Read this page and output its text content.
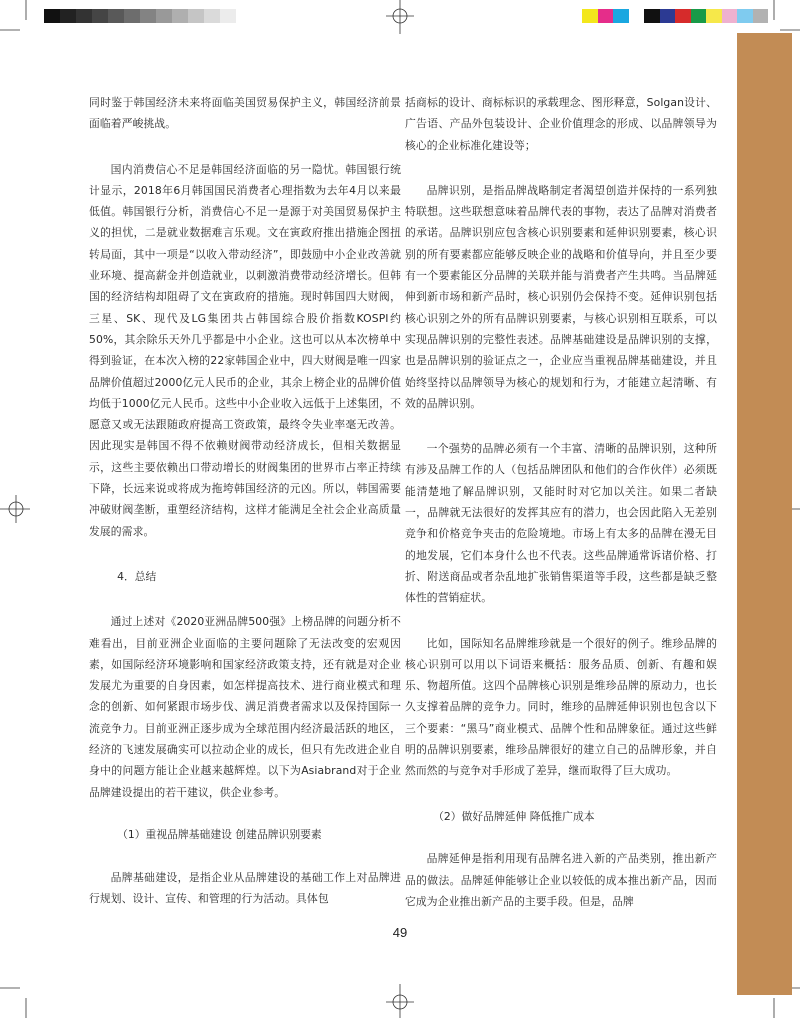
同时鉴于韩国经济未来将面临美国贸易保护主义，韩国经济前景面临着严峻挑战。

国内消费信心不足是韩国经济面临的另一隐忧。韩国银行统计显示，2018年6月韩国国民消费者心理指数为去年4月以来最低值。韩国银行分析，消费信心不足一是源于对美国贸易保护主义的担忧，二是就业数据难言乐观。文在寅政府推出措施企图扭转局面，其中一项是“以收入带动经济”，即鼓励中小企业改善就业环境、提高薪金并创造就业，以刺激消费带动经济增长。但韩国的经济结构却阻碍了文在寅政府的措施。现时韩国四大财阀，三星、SK、现代及LG集团共占韩国综合股价指数KOSPI约50%，其余除乐天外几乎都是中小企业。这也可以从本次榜单中得到验证，在本次入榜的22家韩国企业中，四大财阀是唯一四家品牌价值超过2000亿元人民币的企业，其余上榜企业的品牌价值均低于1000亿元人民币。这些中小企业收入远低于上述集团，不愿意又或无法跟随政府提高工资政策，最终令失业率毫无改善。因此现实是韩国不得不依赖财阀带动经济成长，但相关数据显示，这些主要依赖出口带动增长的财阀集团的世界市占率正持续下降，长远来说或将成为拖垮韩国经济的元凶。所以，韩国需要冲破财阀垄断，重塑经济结构，这样才能满足全社会企业高质量发展的需求。

4．总结

通过上述对《2020亚洲品牌500强》上榜品牌的问题分析不难看出，目前亚洲企业面临的主要问题除了无法改变的宏观因素，如国际经济环境影响和国家经济政策支持，还有就是对企业发展尤为重要的自身因素，如怎样提高技术、进行商业模式和理念的创新、如何紧跟市场步伐、满足消费者需求以及保持国际一流竞争力。目前亚洲正逐步成为全球范围内经济最活跃的地区，经济的飞速发展确实可以拉动企业的成长，但只有先改进企业自身中的问题方能让企业越来越辉煌。以下为Asiabrand对于企业品牌建设提出的若干建议，供企业参考。

（1）重视品牌基础建设 创建品牌识别要素

品牌基础建设，是指企业从品牌建设的基础工作上对品牌进行规划、设计、宣传、和管理的行为活动。具体包

括商标的设计、商标标识的承载理念、图形释意，Solgan设计、广告语、产品外包装设计、企业价值理念的形成、以品牌领导为核心的企业标准化建设等；

品牌识别，是指品牌战略制定者渴望创造并保持的一系列独特联想。这些联想意味着品牌代表的事物，表达了品牌对消费者的承诺。品牌识别应包含核心识别要素和延伸识别要素，核心识别的所有要素都应能够反映企业的战略和价值导向，并且至少要有一个要素能区分品牌的关联并能与消费者产生共鸣。当品牌延伸到新市场和新产品时，核心识别仍会保持不变。延伸识别包括核心识别之外的所有品牌识别要素，与核心识别相互联系，可以实现品牌识别的完整性表述。品牌基础建设是品牌识别的支撑，也是品牌识别的验证点之一，企业应当重视品牌基础建设，并且始终坚持以品牌领导为核心的规划和行为，才能建立起清晰、有效的品牌识别。

一个强势的品牌必须有一个丰富、清晰的品牌识别，这种所有涉及品牌工作的人（包括品牌团队和他们的合作伙伴）必须既能清楚地了解品牌识别，又能时时对它加以关注。如果二者缺一，品牌就无法很好的发挥其应有的潜力，也会因此陷入无差别竞争和价格竞争夹击的危险境地。市场上有太多的品牌在漫无目的地发展，它们本身什么也不代表。这些品牌通常诉诸价格、打折、附送商品或者杂乱地扩张销售渠道等手段，这些都是缺乏整体性的营销症状。

比如，国际知名品牌维珍就是一个很好的例子。维珍品牌的核心识别可以用以下词语来概括：服务品质、创新、有趣和娱乐、物超所值。这四个品牌核心识别是维珍品牌的原动力，也长久支撑着品牌的竞争力。同时，维珍的品牌延伸识别也包含以下三个要素：“黑马”商业模式、品牌个性和品牌象征。通过这些鲜明的品牌识别要素，维珍品牌很好的建立自己的品牌形象，并自然而然的与竞争对手形成了差异，继而取得了巨大成功。

（2）做好品牌延伸 降低推广成本

品牌延伸是指利用现有品牌名进入新的产品类别，推出新产品的做法。品牌延伸能够让企业以较低的成本推出新产品，因而它成为企业推出新产品的主要手段。但是，品牌

49
